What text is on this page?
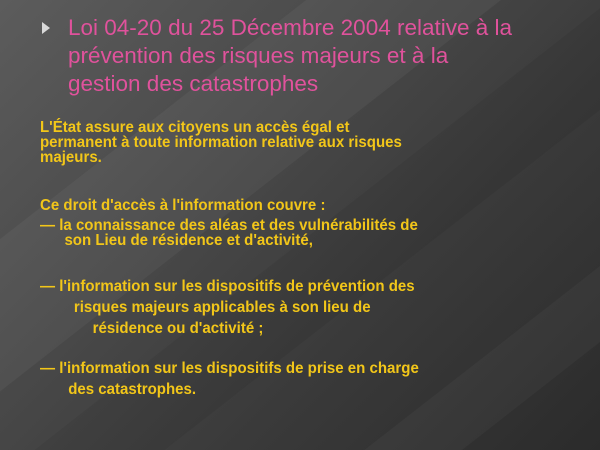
Loi 04-20 du 25 Décembre 2004 relative à la
prévention des risques majeurs et à la
gestion des catastrophes

L'État assure aux citoyens un accès égal et
permanent à toute information relative aux risques
majeurs.

Ce droit d'accès à l'information couvre :

— la connaissance des aléas et des vulnérabilités de
son Lieu de résidence et d'activité,

— l'information sur les dispositifs de prévention des
risques majeurs applicables à son lieu de
résidence ou d'activité ;

— l'information sur les dispositifs de prise en charge
des catastrophes.
